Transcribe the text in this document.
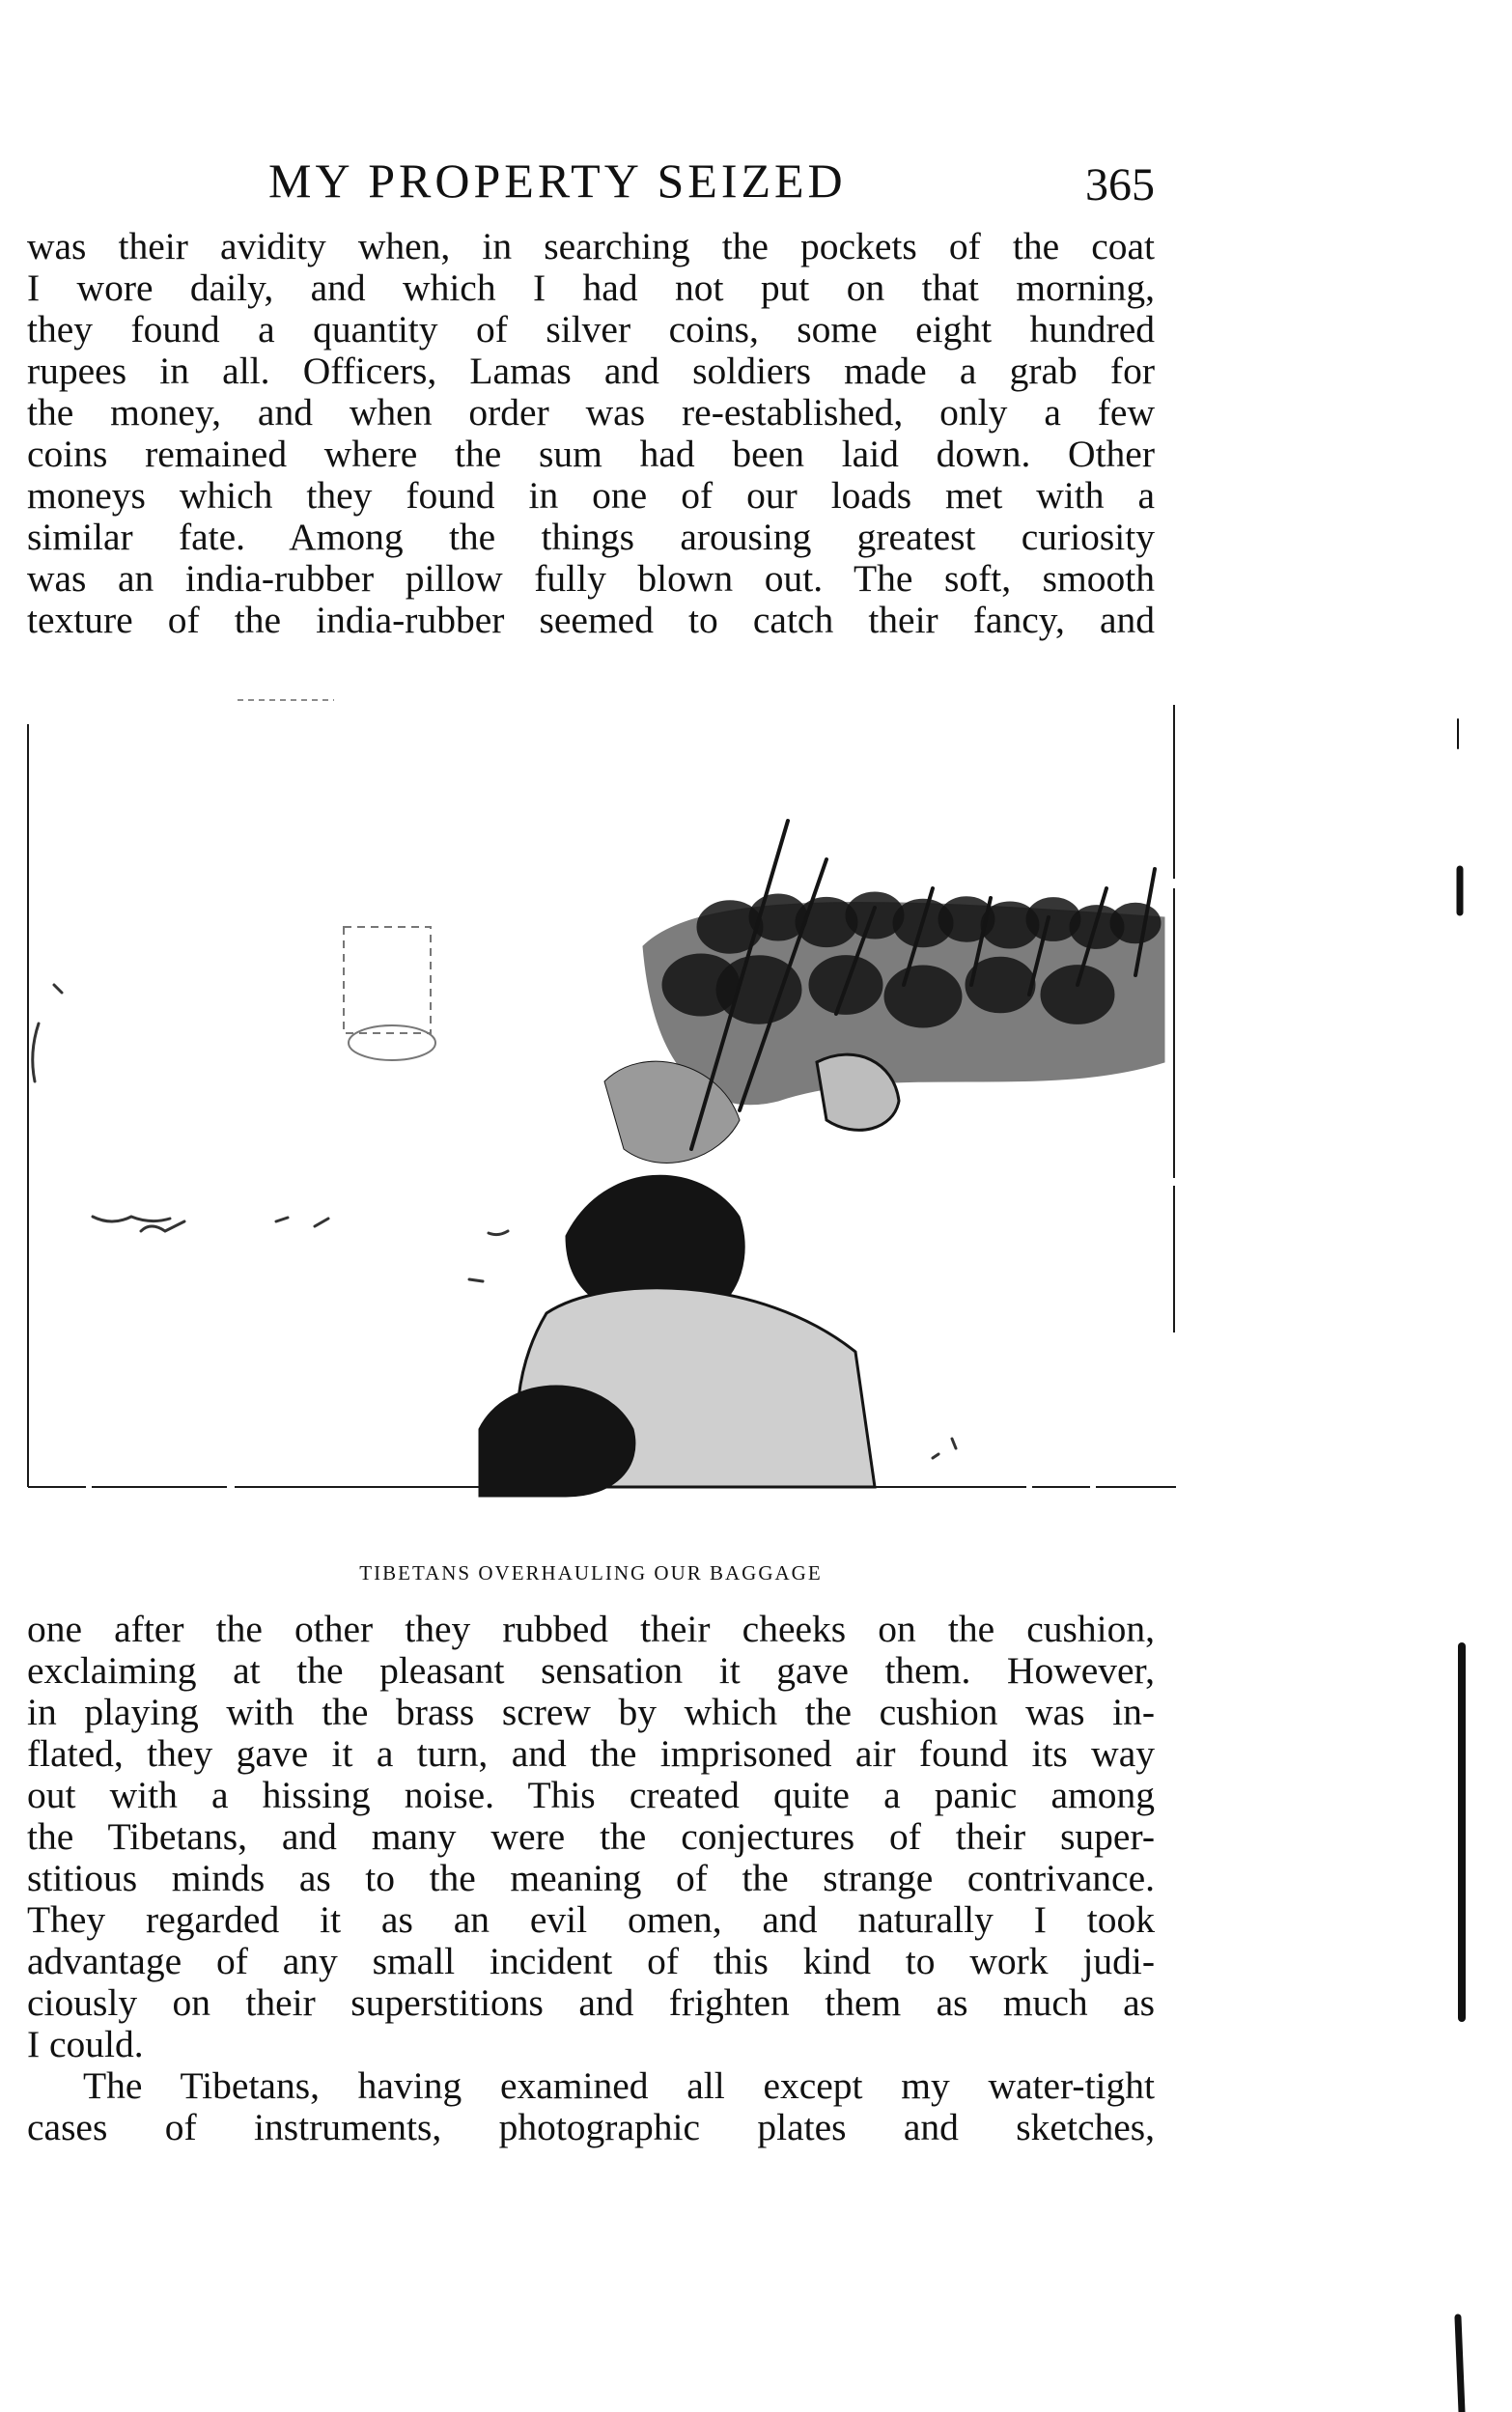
MY PROPERTY SEIZED	365
was their avidity when, in searching the pockets of the coat
I wore daily, and which I had not put on that morning,
they found a quantity of silver coins, some eight hundred
rupees in all. Officers, Lamas and soldiers made a grab for
the money, and when order was re-established, only a few
coins remained where the sum had been laid down. Other
moneys which they found in one of our loads met with a
similar fate. Among the things arousing greatest curiosity
was an india-rubber pillow fully blown out. The soft, smooth
texture of the india-rubber seemed to catch their fancy, and
TIBETANS OVERHAULING OUR BAGGAGE
one after the other they rubbed their cheeks on the cushion,
exclaiming at the pleasant sensation it gave them. However,
in playing with the brass screw by which the cushion was in-
flated, they gave it a turn, and the imprisoned air found its way
out with a hissing noise. This created quite a panic among
the Tibetans, and many were the conjectures of their super-
stitious minds as to the meaning of the strange contrivance.
They regarded it as an evil omen, and naturally I took
advantage of any small incident of this kind to work judi-
ciously on their superstitions and frighten them as much as
I could.
The Tibetans, having examined all except my water-tight
cases of instruments, photographic plates and sketches,
